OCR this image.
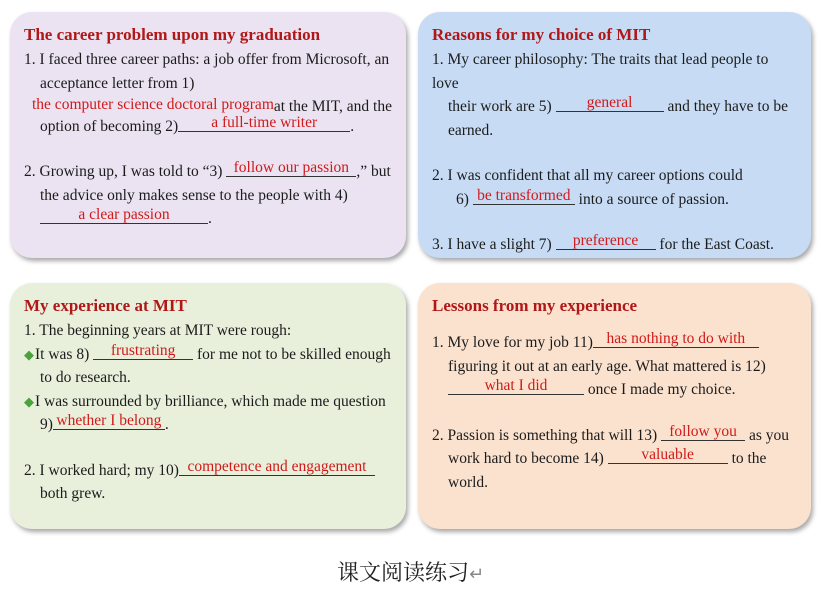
The career problem upon my graduation

1. I faced three career paths: a job offer from Microsoft, an

acceptance letter from 1)

the computer science doctoral programat the MIT, and the

option of becoming 2) a full-time writer .

2. Growing up, I was told to “3) follow our passion ,” but

the advice only makes sense to the people with 4)

a clear passion .

Reasons for my choice of MIT

1. My career philosophy: The traits that lead people to love

their work are 5) general and they have to be

earned.

2. I was confident that all my career options could

6) be transformed into a source of passion.

3. I have a slight 7) preference for the East Coast.

My experience at MIT

1. The beginning years at MIT were rough:

◆It was 8) frustrating for me not to be skilled enough

to do research.

◆I was surrounded by brilliance, which made me question

9) whether I belong .

2. I worked hard; my 10) competence and engagement

both grew.

Lessons from my experience

1. My love for my job 11) has nothing to do with

figuring it out at an early age. What mattered is 12)

what I did	once I made my choice.

2. Passion is something that will 13) follow you as you

work hard to become 14) valuable to the

world.

课文阅读练习↵
